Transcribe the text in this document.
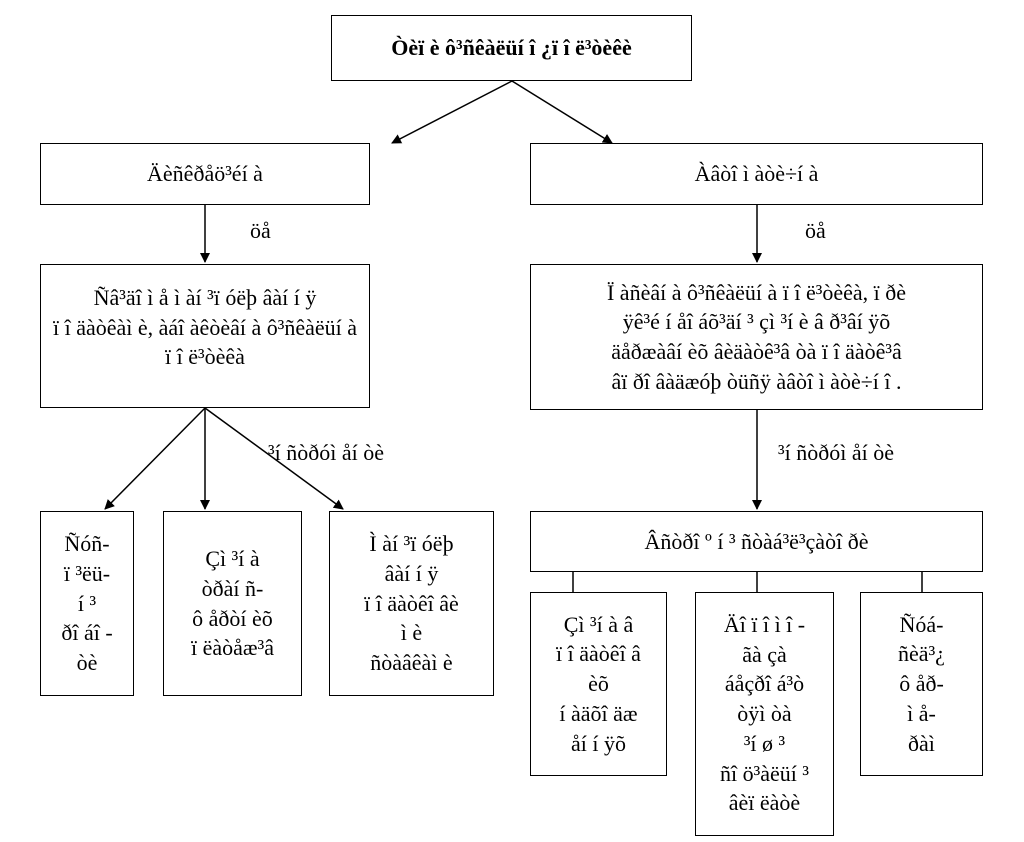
Òèï è ô³ñêàëüí î ¿ï î ë³òèêè
Äèñêðåö³éí à	Àâòî ì àòè÷í à
öå	öå
Ñâ³äî ì å ì àí ³ï óëþ âàí í ÿ
ï î äàòêàì è, àáî àêòèâí à ô³ñêàëüí à
ï î ë³òèêà
Ï àñèâí à ô³ñêàëüí à ï î ë³òèêà, ï ðè
ÿê³é í åî áõ³äí ³ çì ³í è â ð³âí ÿõ
äåðæàâí èõ âèäàòê³â òà ï î äàòê³â
âï ðî âàäæóþ òüñÿ àâòî ì àòè÷í î .
³í ñòðóì åí òè	³í ñòðóì åí òè
Ñóñ-
ï ³ëü-
í ³
ðî áî -
òè
Çì ³í à
òðàí ñ-
ô åðòí èõ
ï ëàòåæ³â
Ì àí ³ï óëþ
âàí í ÿ
ï î äàòêî âè
ì è
ñòàâêàì è
Âñòðî º í ³ ñòàá³ë³çàòî ðè
Çì ³í à â
ï î äàòêî â
èõ
í àäõî äæ
åí í ÿõ
Äî ï î ì î -
ãà çà
áåçðî á³ò
òÿì òà
³í ø ³
ñî ö³àëüí ³
âèï ëàòè
Ñóá-
ñèä³¿
ô åð-
ì å-
ðàì
